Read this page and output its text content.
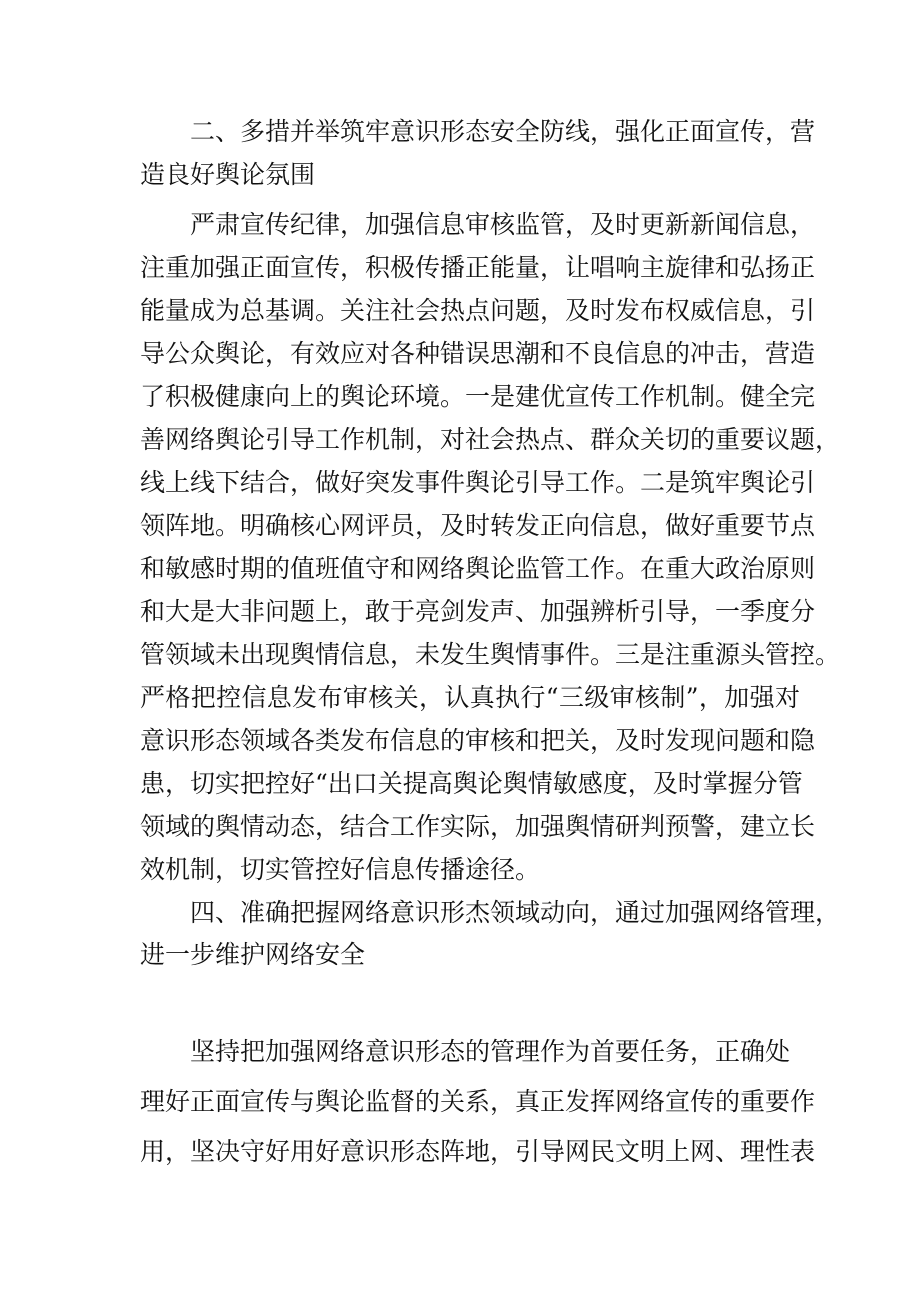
二、多措并举筑牢意识形态安全防线，强化正面宣传，营
造良好舆论氛围
严肃宣传纪律，加强信息审核监管，及时更新新闻信息，
注重加强正面宣传，积极传播正能量，让唱响主旋律和弘扬正
能量成为总基调。关注社会热点问题，及时发布权威信息，引
导公众舆论，有效应对各种错误思潮和不良信息的冲击，营造
了积极健康向上的舆论环境。一是建优宣传工作机制。健全完
善网络舆论引导工作机制，对社会热点、群众关切的重要议题，
线上线下结合，做好突发事件舆论引导工作。二是筑牢舆论引
领阵地。明确核心网评员，及时转发正向信息，做好重要节点
和敏感时期的值班值守和网络舆论监管工作。在重大政治原则
和大是大非问题上，敢于亮剑发声、加强辨析引导，一季度分
管领域未出现舆情信息，未发生舆情事件。三是注重源头管控。
严格把控信息发布审核关，认真执行“三级审核制”，加强对
意识形态领域各类发布信息的审核和把关，及时发现问题和隐
患，切实把控好“出口关提高舆论舆情敏感度，及时掌握分管
领域的舆情动态，结合工作实际，加强舆情研判预警，建立长
效机制，切实管控好信息传播途径。
四、准确把握网络意识形杰领域动向，通过加强网络管理，
进一步维护网络安全
坚持把加强网络意识形态的管理作为首要任务，正确处
理好正面宣传与舆论监督的关系，真正发挥网络宣传的重要作
用，坚决守好用好意识形态阵地，引导网民文明上网、理性表
